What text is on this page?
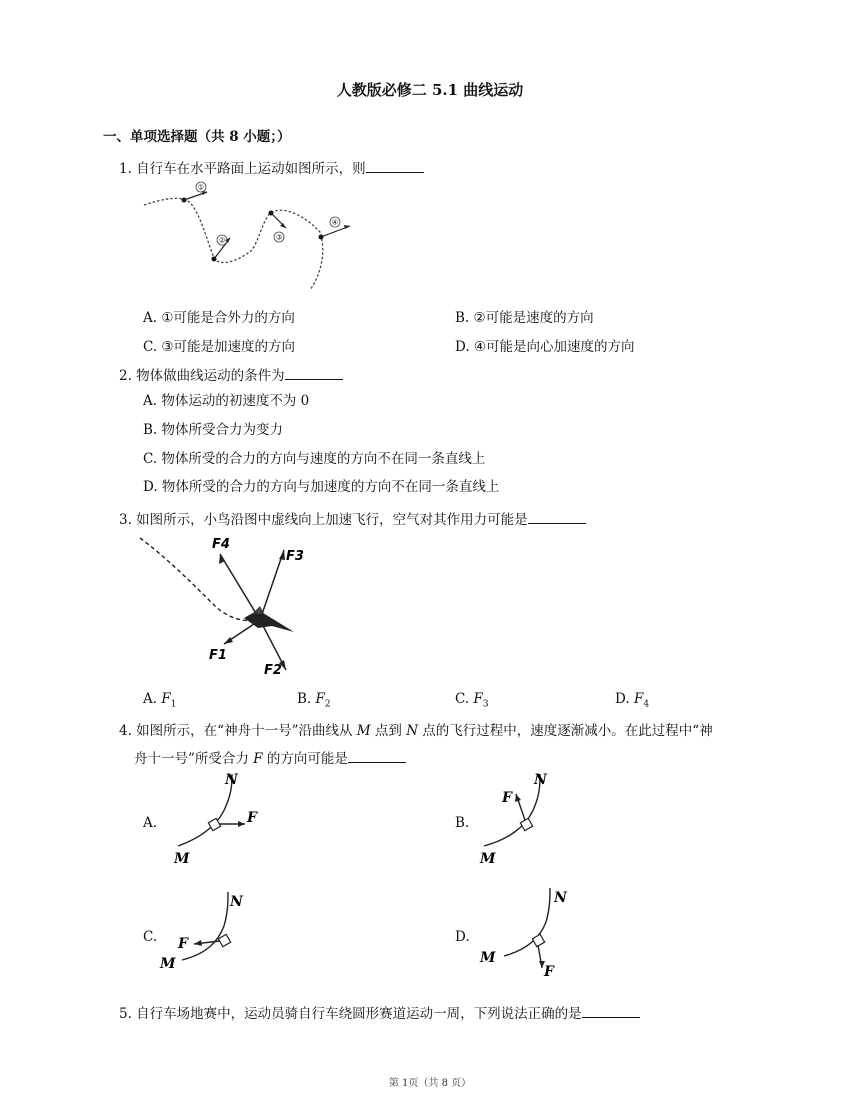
人教版必修二 5.1 曲线运动
一、单项选择题（共 8 小题；）
1. 自行车在水平路面上运动如图所示，则
①
②	③
④
A. ①可能是合外力的方向	B. ②可能是速度的方向
C. ③可能是加速度的方向	D. ④可能是向心加速度的方向
2. 物体做曲线运动的条件为
A. 物体运动的初速度不为 0
B. 物体所受合力为变力
C. 物体所受的合力的方向与速度的方向不在同一条直线上
D. 物体所受的合力的方向与加速度的方向不在同一条直线上
3. 如图所示，小鸟沿图中虚线向上加速飞行，空气对其作用力可能是
F4
F3
F1
F2
A. $F_1$	B. $F_2$	C. $F_3$	D. $F_4$
4. 如图所示，在“神舟十一号”沿曲线从 M 点到 N 点的飞行过程中，速度逐渐减小。在此过程中“神
舟十一号”所受合力 F 的方向可能是
A.
N
M
F	B.
N
M
F
C.
N
M
F	D.
N
M
F
5. 自行车场地赛中，运动员骑自行车绕圆形赛道运动一周，下列说法正确的是
第 1页（共 8 页）
